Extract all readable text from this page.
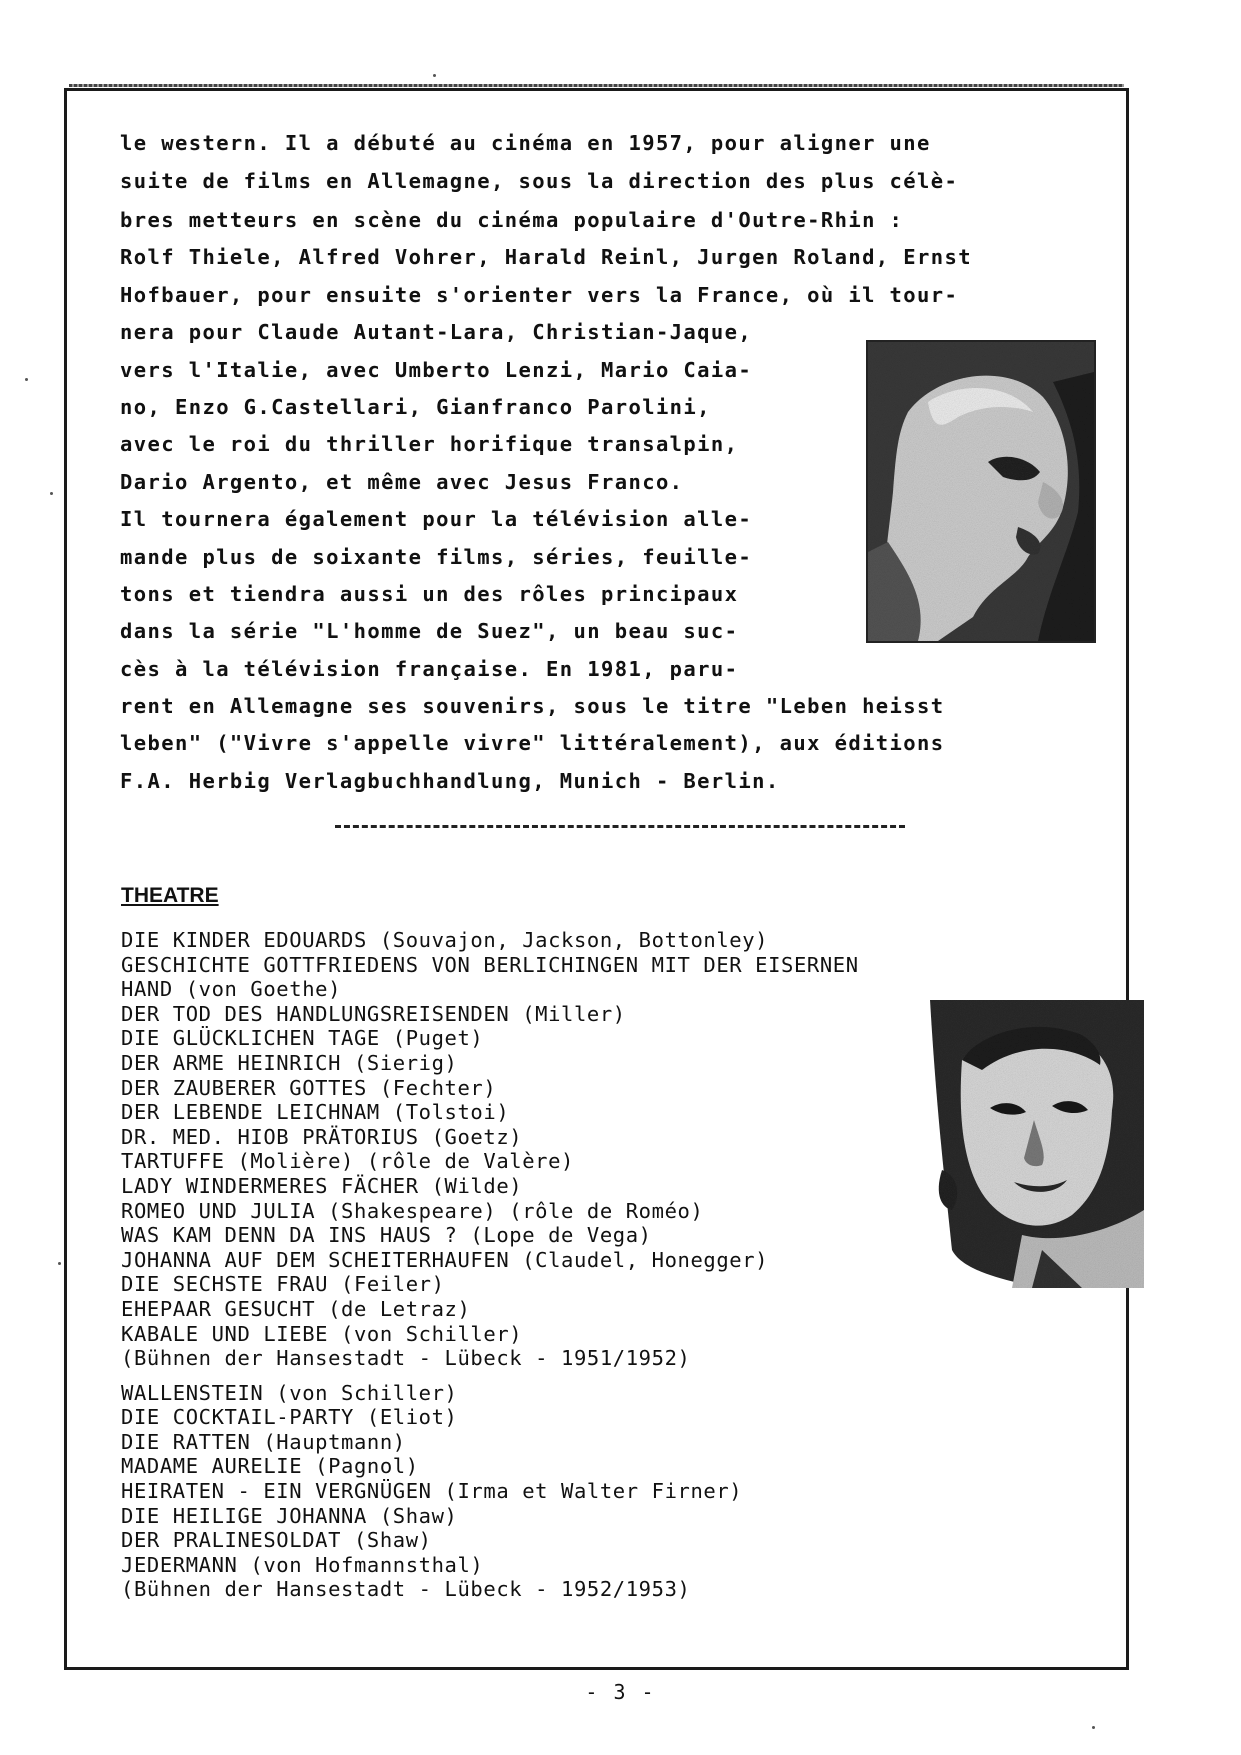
le western. Il a débuté au cinéma en 1957, pour aligner une

suite de films en Allemagne, sous la direction des plus célè-

bres metteurs en scène du cinéma populaire d'Outre-Rhin :

Rolf Thiele, Alfred Vohrer, Harald Reinl, Jurgen Roland, Ernst

Hofbauer, pour ensuite s'orienter vers la France, où il tour-

nera pour Claude Autant-Lara, Christian-Jaque,

vers l'Italie, avec Umberto Lenzi, Mario Caia-

no, Enzo G.Castellari, Gianfranco Parolini,

avec le roi du thriller horifique transalpin,

Dario Argento, et même avec Jesus Franco.

Il tournera également pour la télévision alle-

mande plus de soixante films, séries, feuille-

tons et tiendra aussi un des rôles principaux

dans la série "L'homme de Suez", un beau suc-

cès à la télévision française. En 1981, paru-

rent en Allemagne ses souvenirs, sous le titre "Leben heisst

leben" ("Vivre s'appelle vivre" littéralement), aux éditions

F.A. Herbig Verlagbuchhandlung, Munich - Berlin.

THEATRE
DIE KINDER EDOUARDS (Souvajon, Jackson, Bottonley)
GESCHICHTE GOTTFRIEDENS VON BERLICHINGEN MIT DER EISERNEN
HAND (von Goethe)
DER TOD DES HANDLUNGSREISENDEN (Miller)
DIE GLÜCKLICHEN TAGE (Puget)
DER ARME HEINRICH (Sierig)
DER ZAUBERER GOTTES (Fechter)
DER LEBENDE LEICHNAM (Tolstoi)
DR. MED. HIOB PRÄTORIUS (Goetz)
TARTUFFE (Molière) (rôle de Valère)
LADY WINDERMERES FÄCHER (Wilde)
ROMEO UND JULIA (Shakespeare) (rôle de Roméo)
WAS KAM DENN DA INS HAUS ? (Lope de Vega)
JOHANNA AUF DEM SCHEITERHAUFEN (Claudel, Honegger)
DIE SECHSTE FRAU (Feiler)
EHEPAAR GESUCHT (de Letraz)
KABALE UND LIEBE (von Schiller)
(Bühnen der Hansestadt - Lübeck - 1951/1952)
WALLENSTEIN (von Schiller)
DIE COCKTAIL-PARTY (Eliot)
DIE RATTEN (Hauptmann)
MADAME AURELIE (Pagnol)
HEIRATEN - EIN VERGNÜGEN (Irma et Walter Firner)
DIE HEILIGE JOHANNA (Shaw)
DER PRALINESOLDAT (Shaw)
JEDERMANN (von Hofmannsthal)
(Bühnen der Hansestadt - Lübeck - 1952/1953)
- 3 -
